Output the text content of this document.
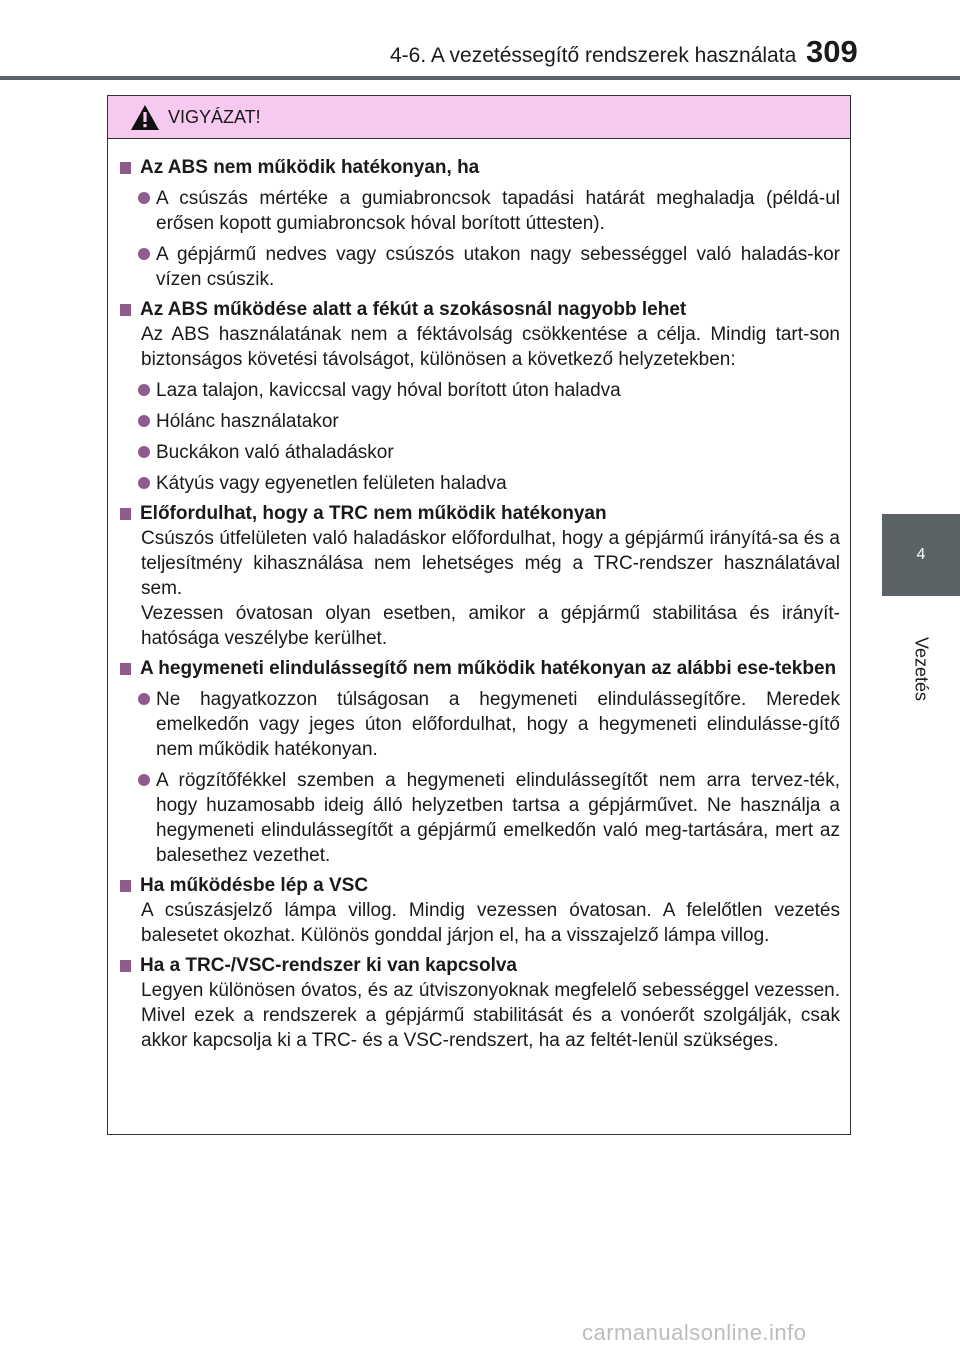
4-6. A vezetéssegítő rendszerek használata 309
4
Vezetés
VIGYÁZAT!
Az ABS nem működik hatékonyan, ha
A csúszás mértéke a gumiabroncsok tapadási határát meghaladja (példá-ul erősen kopott gumiabroncsok hóval borított úttesten).
A gépjármű nedves vagy csúszós utakon nagy sebességgel való haladás-kor vízen csúszik.
Az ABS működése alatt a fékút a szokásosnál nagyobb lehet
Az ABS használatának nem a féktávolság csökkentése a célja. Mindig tart-son biztonságos követési távolságot, különösen a következő helyzetekben:
Laza talajon, kaviccsal vagy hóval borított úton haladva
Hólánc használatakor
Buckákon való áthaladáskor
Kátyús vagy egyenetlen felületen haladva
Előfordulhat, hogy a TRC nem működik hatékonyan
Csúszós útfelületen való haladáskor előfordulhat, hogy a gépjármű irányítá-sa és a teljesítmény kihasználása nem lehetséges még a TRC-rendszer használatával sem.
Vezessen óvatosan olyan esetben, amikor a gépjármű stabilitása és irányít-hatósága veszélybe kerülhet.
A hegymeneti elindulássegítő nem működik hatékonyan az alábbi ese-tekben
Ne hagyatkozzon túlságosan a hegymeneti elindulássegítőre. Meredek emelkedőn vagy jeges úton előfordulhat, hogy a hegymeneti elindulásse-gítő nem működik hatékonyan.
A rögzítőfékkel szemben a hegymeneti elindulássegítőt nem arra tervez-ték, hogy huzamosabb ideig álló helyzetben tartsa a gépjárművet. Ne használja a hegymeneti elindulássegítőt a gépjármű emelkedőn való meg-tartására, mert az balesethez vezethet.
Ha működésbe lép a VSC
A csúszásjelző lámpa villog. Mindig vezessen óvatosan. A felelőtlen vezetés balesetet okozhat. Különös gonddal járjon el, ha a visszajelző lámpa villog.
Ha a TRC-/VSC-rendszer ki van kapcsolva
Legyen különösen óvatos, és az útviszonyoknak megfelelő sebességgel vezessen. Mivel ezek a rendszerek a gépjármű stabilitását és a vonóerőt szolgálják, csak akkor kapcsolja ki a TRC- és a VSC-rendszert, ha az feltét-lenül szükséges.
carmanualsonline.info
